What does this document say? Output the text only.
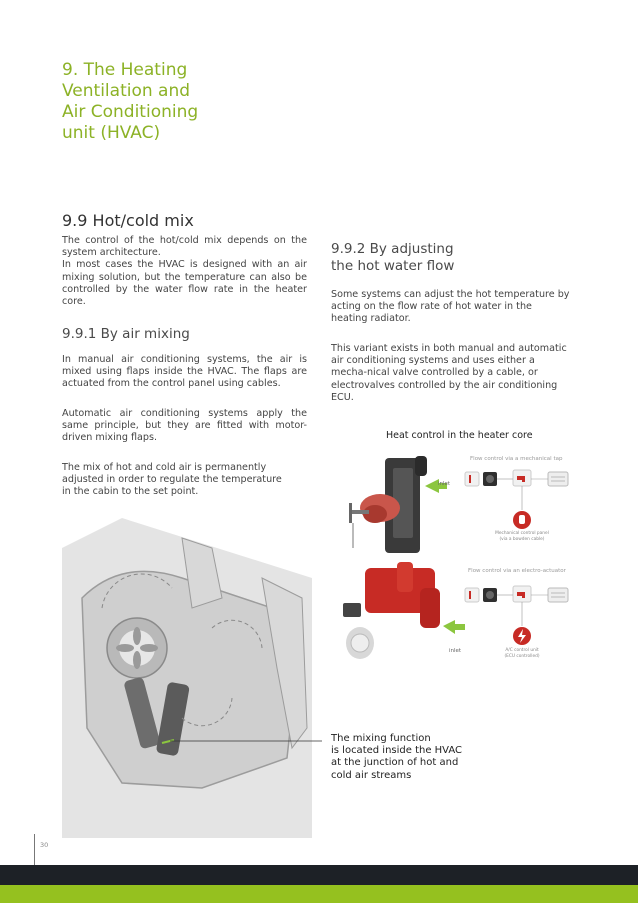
9. The Heating
Ventilation and
Air Conditioning
unit (HVAC)
9.9 Hot/cold mix

The control of the hot/cold mix depends on the system architecture.

In most cases the HVAC is designed with an air mixing solution, but the temperature can also be controlled by the water flow rate in the heater core.

9.9.1 By air mixing
In manual air conditioning systems, the air is mixed using flaps inside the HVAC. The flaps are actuated from the control panel using cables.
Automatic air conditioning systems apply the same principle, but they are fitted with motor-driven mixing flaps.

The mix of hot and cold air is permanently

adjusted in order to regulate the temperature

in the cabin to the set point.

9.9.2 By adjusting
the hot water flow
Some systems can adjust the hot temperature by acting on the flow rate of hot water in the heating radiator.
This variant exists in both manual and automatic air conditioning systems and uses either a mecha-nical valve controlled by a cable, or electrovalves controlled by the air conditioning ECU.
Heat control in the heater core
Flow control via a mechanical tap
Flow control via an electro-actuator
inlet
inlet
Mechanical control panel
(via a bowden cable)
A/C control unit
(ECU controlled)
The mixing function
is located inside the HVAC
at the junction of hot and
cold air streams
30
